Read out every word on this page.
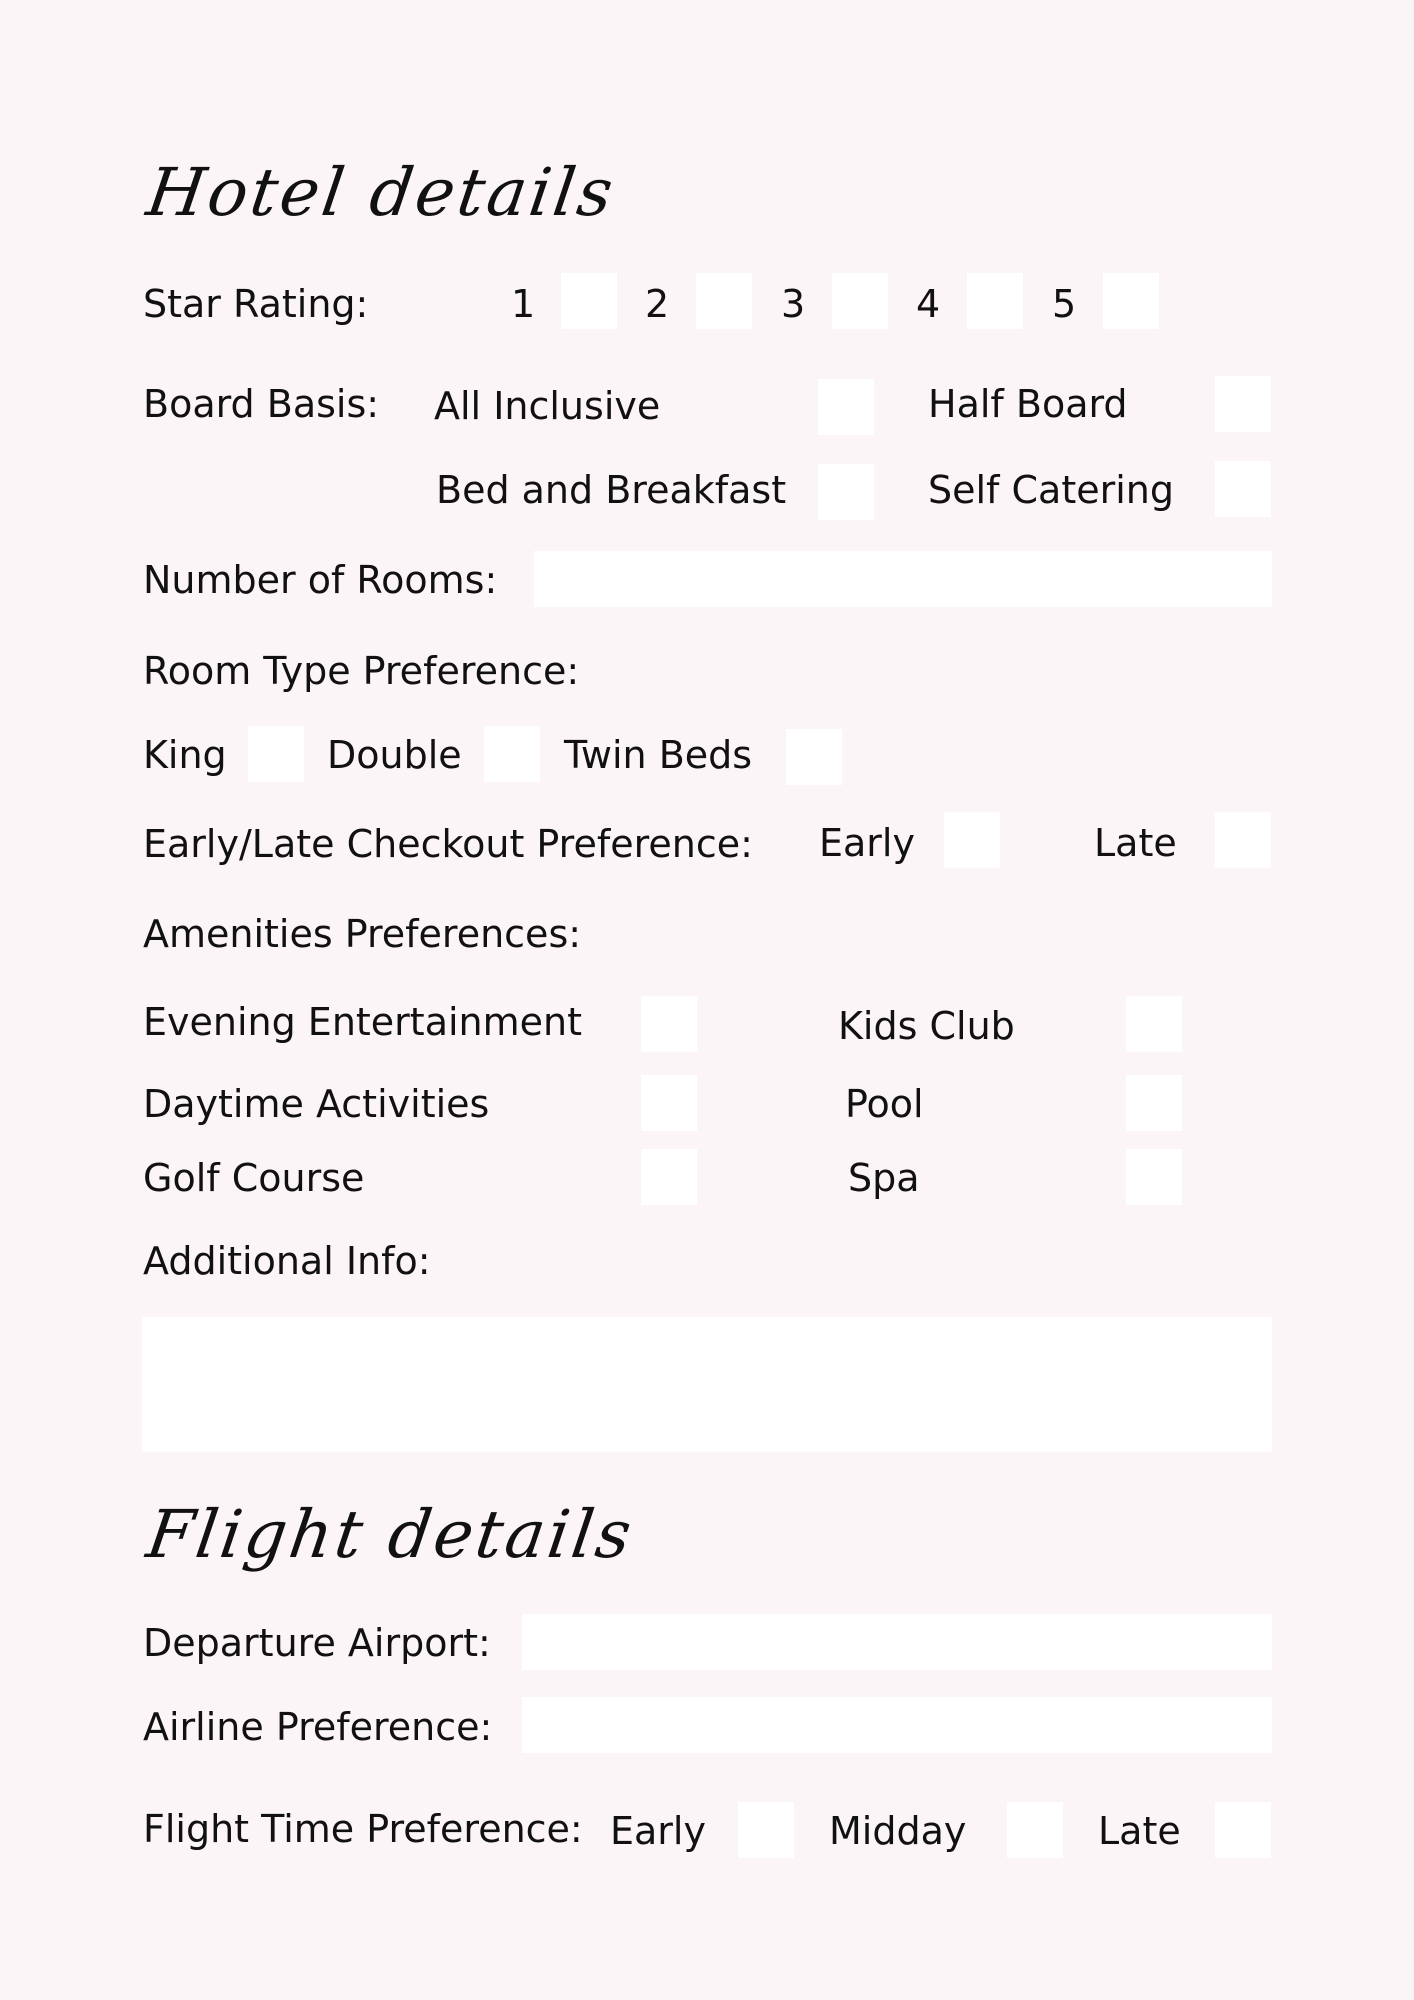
Hotel details
Star Rating:	1	2	3	4	5
Board Basis: All Inclusive	Half Board
Bed and Breakfast	Self Catering
Number of Rooms:
Room Type Preference:
King	Double	Twin Beds
Early/Late Checkout Preference: Early	Late
Amenities Preferences:
Evening Entertainment	Kids Club
Daytime Activities	Pool
Golf Course	Spa
Additional Info:
Flight details
Departure Airport:
Airline Preference:
Flight Time Preference: Early	Midday	Late
